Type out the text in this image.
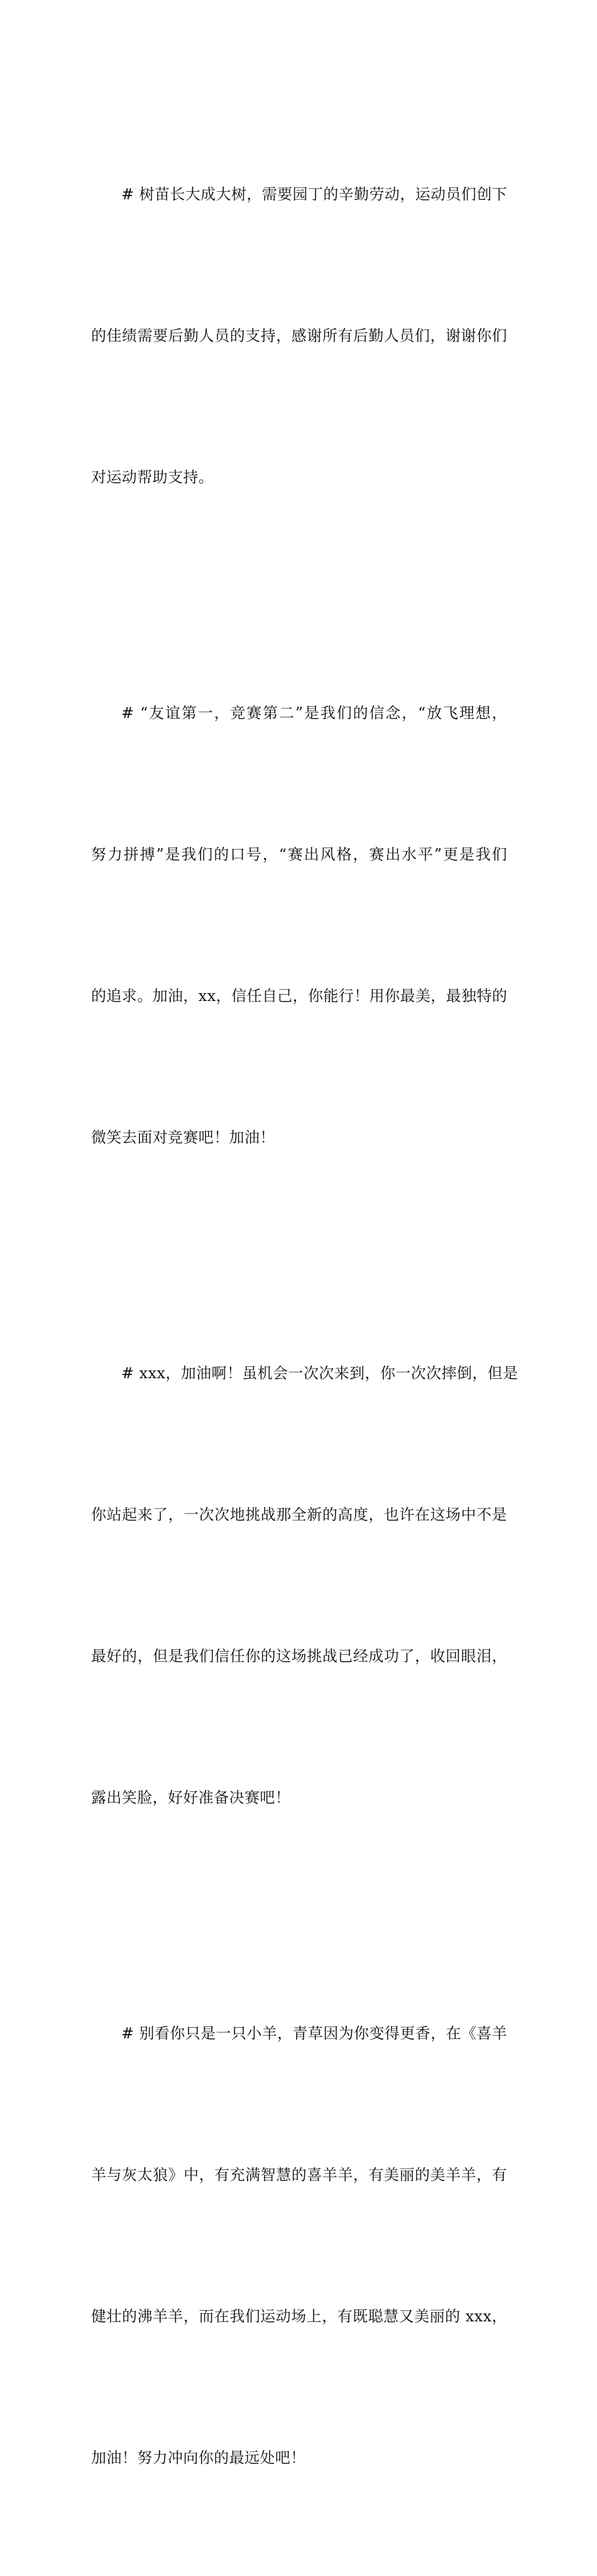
# 树苗长大成大树，需要园丁的辛勤劳动，运动员们创下

的佳绩需要后勤人员的支持，感谢所有后勤人员们，谢谢你们

对运动帮助支持。

# “友谊第一，竞赛第二”是我们的信念，“放飞理想，

努力拼搏”是我们的口号，“赛出风格，赛出水平”更是我们

的追求。加油，xx，信任自己，你能行！用你最美，最独特的

微笑去面对竞赛吧！加油！

# xxx，加油啊！虽机会一次次来到，你一次次摔倒，但是

你站起来了，一次次地挑战那全新的高度，也许在这场中不是

最好的，但是我们信任你的这场挑战已经成功了，收回眼泪，

露出笑脸，好好准备决赛吧！

# 别看你只是一只小羊，青草因为你变得更香，在《喜羊

羊与灰太狼》中，有充满智慧的喜羊羊，有美丽的美羊羊，有

健壮的沸羊羊，而在我们运动场上，有既聪慧又美丽的 xxx，

加油！努力冲向你的最远处吧！
